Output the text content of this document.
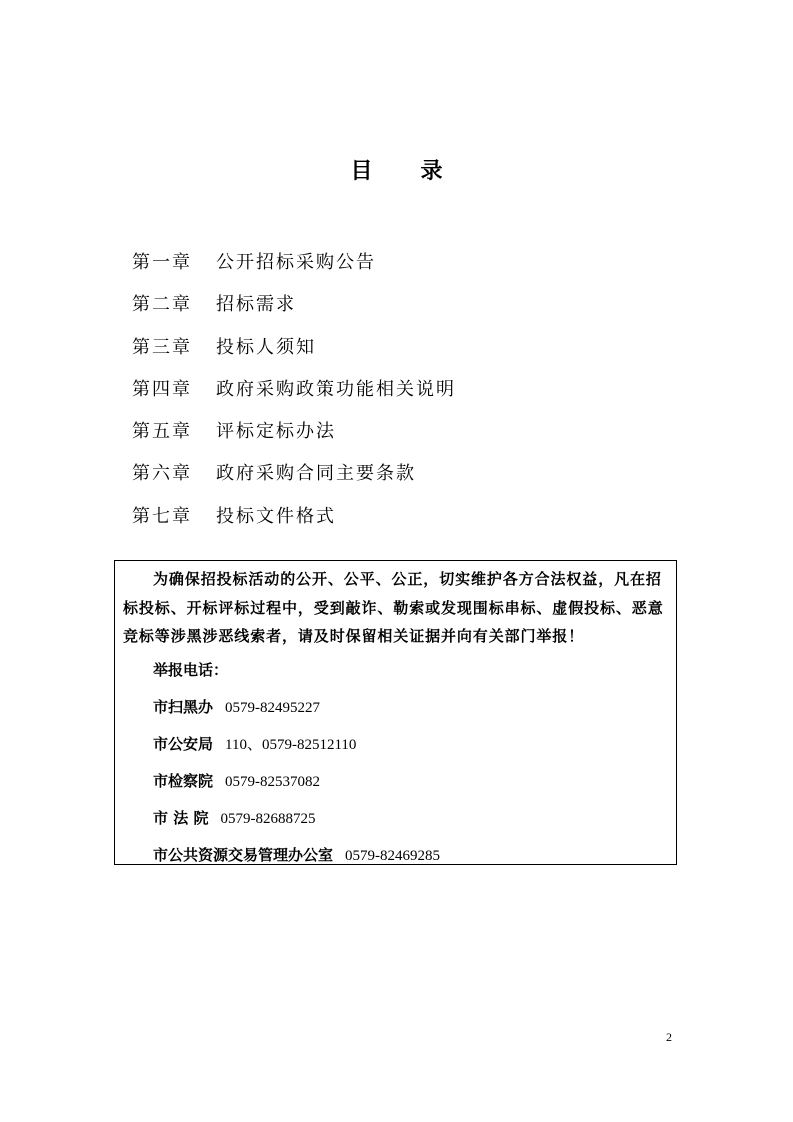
目 录
第一章	公开招标采购公告
第二章	招标需求
第三章	投标人须知
第四章	政府采购政策功能相关说明
第五章	评标定标办法
第六章	政府采购合同主要条款
第七章	投标文件格式

为确保招投标活动的公开、公平、公正，切实维护各方合法权益，凡在招标投标、开标评标过程中，受到敲诈、勒索或发现围标串标、虚假投标、恶意竞标等涉黑涉恶线索者，请及时保留相关证据并向有关部门举报！

举报电话：
市扫黑办 0579-82495227
市公安局 110、0579-82512110
市检察院 0579-82537082
市 法 院 0579-82688725
市公共资源交易管理办公室 0579-82469285
2
